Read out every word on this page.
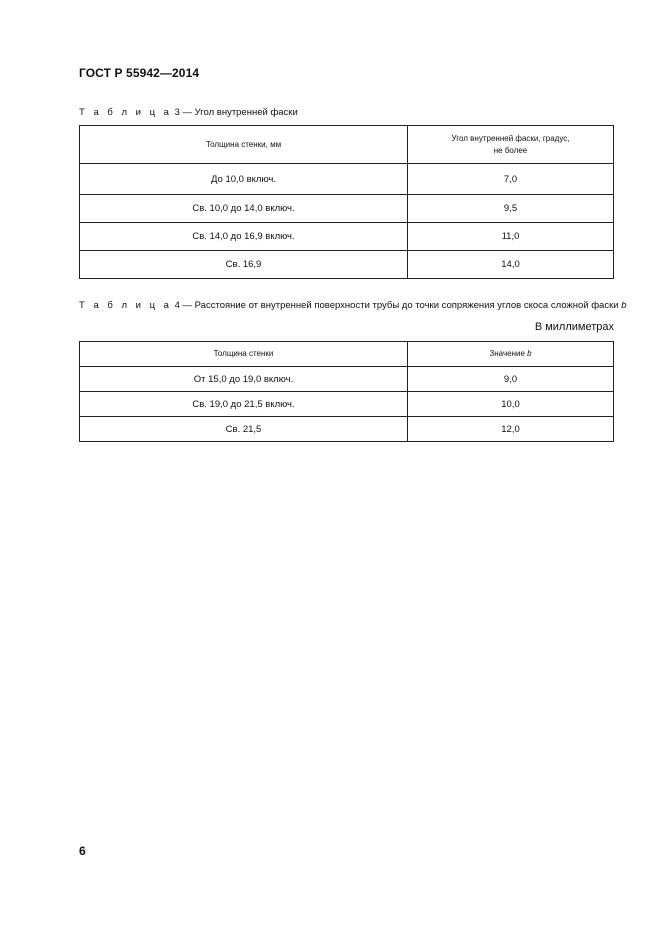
ГОСТ Р 55942—2014
Т а б л и ц а 3 — Угол внутренней фаски
Толщина стенки, мм	Угол внутренней фаски, градус,
не более
До 10,0 включ.	7,0
Св. 10,0 до 14,0 включ.	9,5
Св. 14,0 до 16,9 включ.	11,0
Св. 16,9	14,0
Т а б л и ц а 4 — Расстояние от внутренней поверхности трубы до точки сопряжения углов скоса сложной фаски b
В миллиметрах
Толщина стенки	Значение b
От 15,0 до 19,0 включ.	9,0
Св. 19,0 до 21,5 включ.	10,0
Св. 21,5	12,0
6
